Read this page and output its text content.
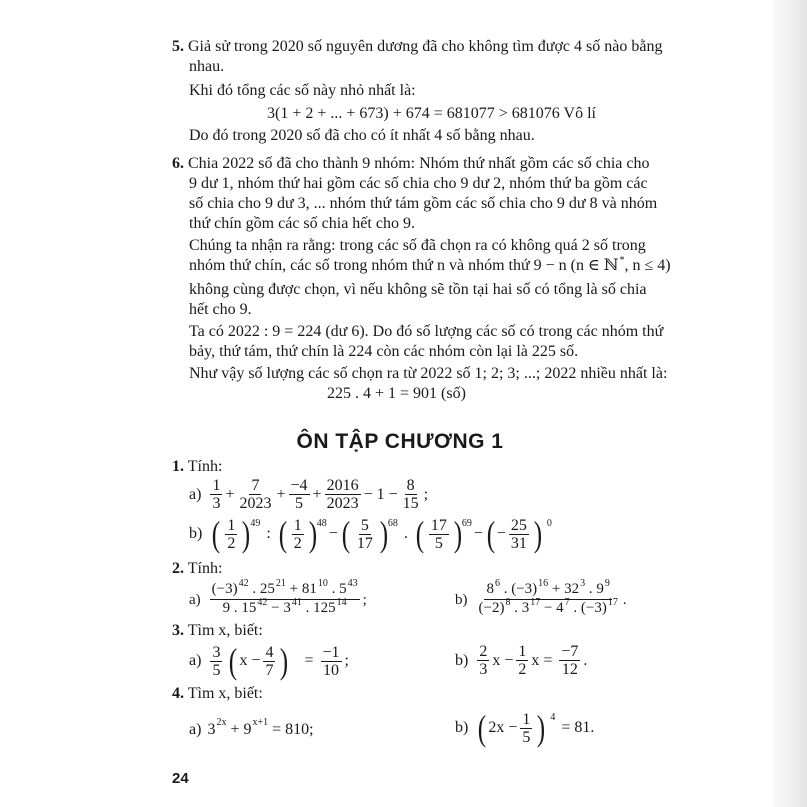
5. Giả sử trong 2020 số nguyên dương đã cho không tìm được 4 số nào bằng
nhau.
Khi đó tổng các số này nhỏ nhất là:
3(1 + 2 + ... + 673) + 674 = 681077 > 681076 Vô lí
Do đó trong 2020 số đã cho có ít nhất 4 số bằng nhau.
6. Chia 2022 số đã cho thành 9 nhóm: Nhóm thứ nhất gồm các số chia cho
9 dư 1, nhóm thứ hai gồm các số chia cho 9 dư 2, nhóm thứ ba gồm các
số chia cho 9 dư 3, ... nhóm thứ tám gồm các số chia cho 9 dư 8 và nhóm
thứ chín gồm các số chia hết cho 9.
Chúng ta nhận ra rằng: trong các số đã chọn ra có không quá 2 số trong
nhóm thứ chín, các số trong nhóm thứ n và nhóm thứ 9 − n (n ∈ ℕ*, n ≤ 4)
không cùng được chọn, vì nếu không sẽ tồn tại hai số có tổng là số chia
hết cho 9.
Ta có 2022 : 9 = 224 (dư 6). Do đó số lượng các số có trong các nhóm thứ
bảy, thứ tám, thứ chín là 224 còn các nhóm còn lại là 225 số.
Như vậy số lượng các số chọn ra từ 2022 số 1; 2; 3; ...; 2022 nhiều nhất là:
225 . 4 + 1 = 901 (số)
ÔN TẬP CHƯƠNG 1
1. Tính:
$a) \frac{1}{3} + \frac{7}{2023} + \frac{-4}{5} + \frac{2016}{2023} - 1 - \frac{8}{15}$ ;
b) ( $\frac{1}{2}$ ) 49
: ( $\frac{1}{2}$ ) 48
− ( $\frac{5}{17}$ ) 68
. ( $\frac{17}{5}$ ) 69
− ( − $\frac{25}{31}$ ) 0
2. Tính:
$a) \frac{(-3)^{42} . 25^{21} + 81^{10} . 5^{43}}{9 . 15^{42} - 3^{41} . 125^{14}}$ ;	$b) \frac{8^6 . (-3)^{16} + 32^3 . 9^9}{(-2)^8 . 3^{17} - 4^7 . (-3)^{17}}$ .
3. Tìm x, biết:
$a) \frac{3}{5}$ ( $x - \frac{4}{7}$ ) = $\frac{-1}{10}$ ;	$b) \frac{2}{3}$ $x - \frac{1}{2}$ $x = \frac{-7}{12}$ .
4. Tìm x, biết:
a) 3 2x + 9 x+1 = 810;	b) ( $2x - \frac{1}{5}$ ) 4
= 81.
24
